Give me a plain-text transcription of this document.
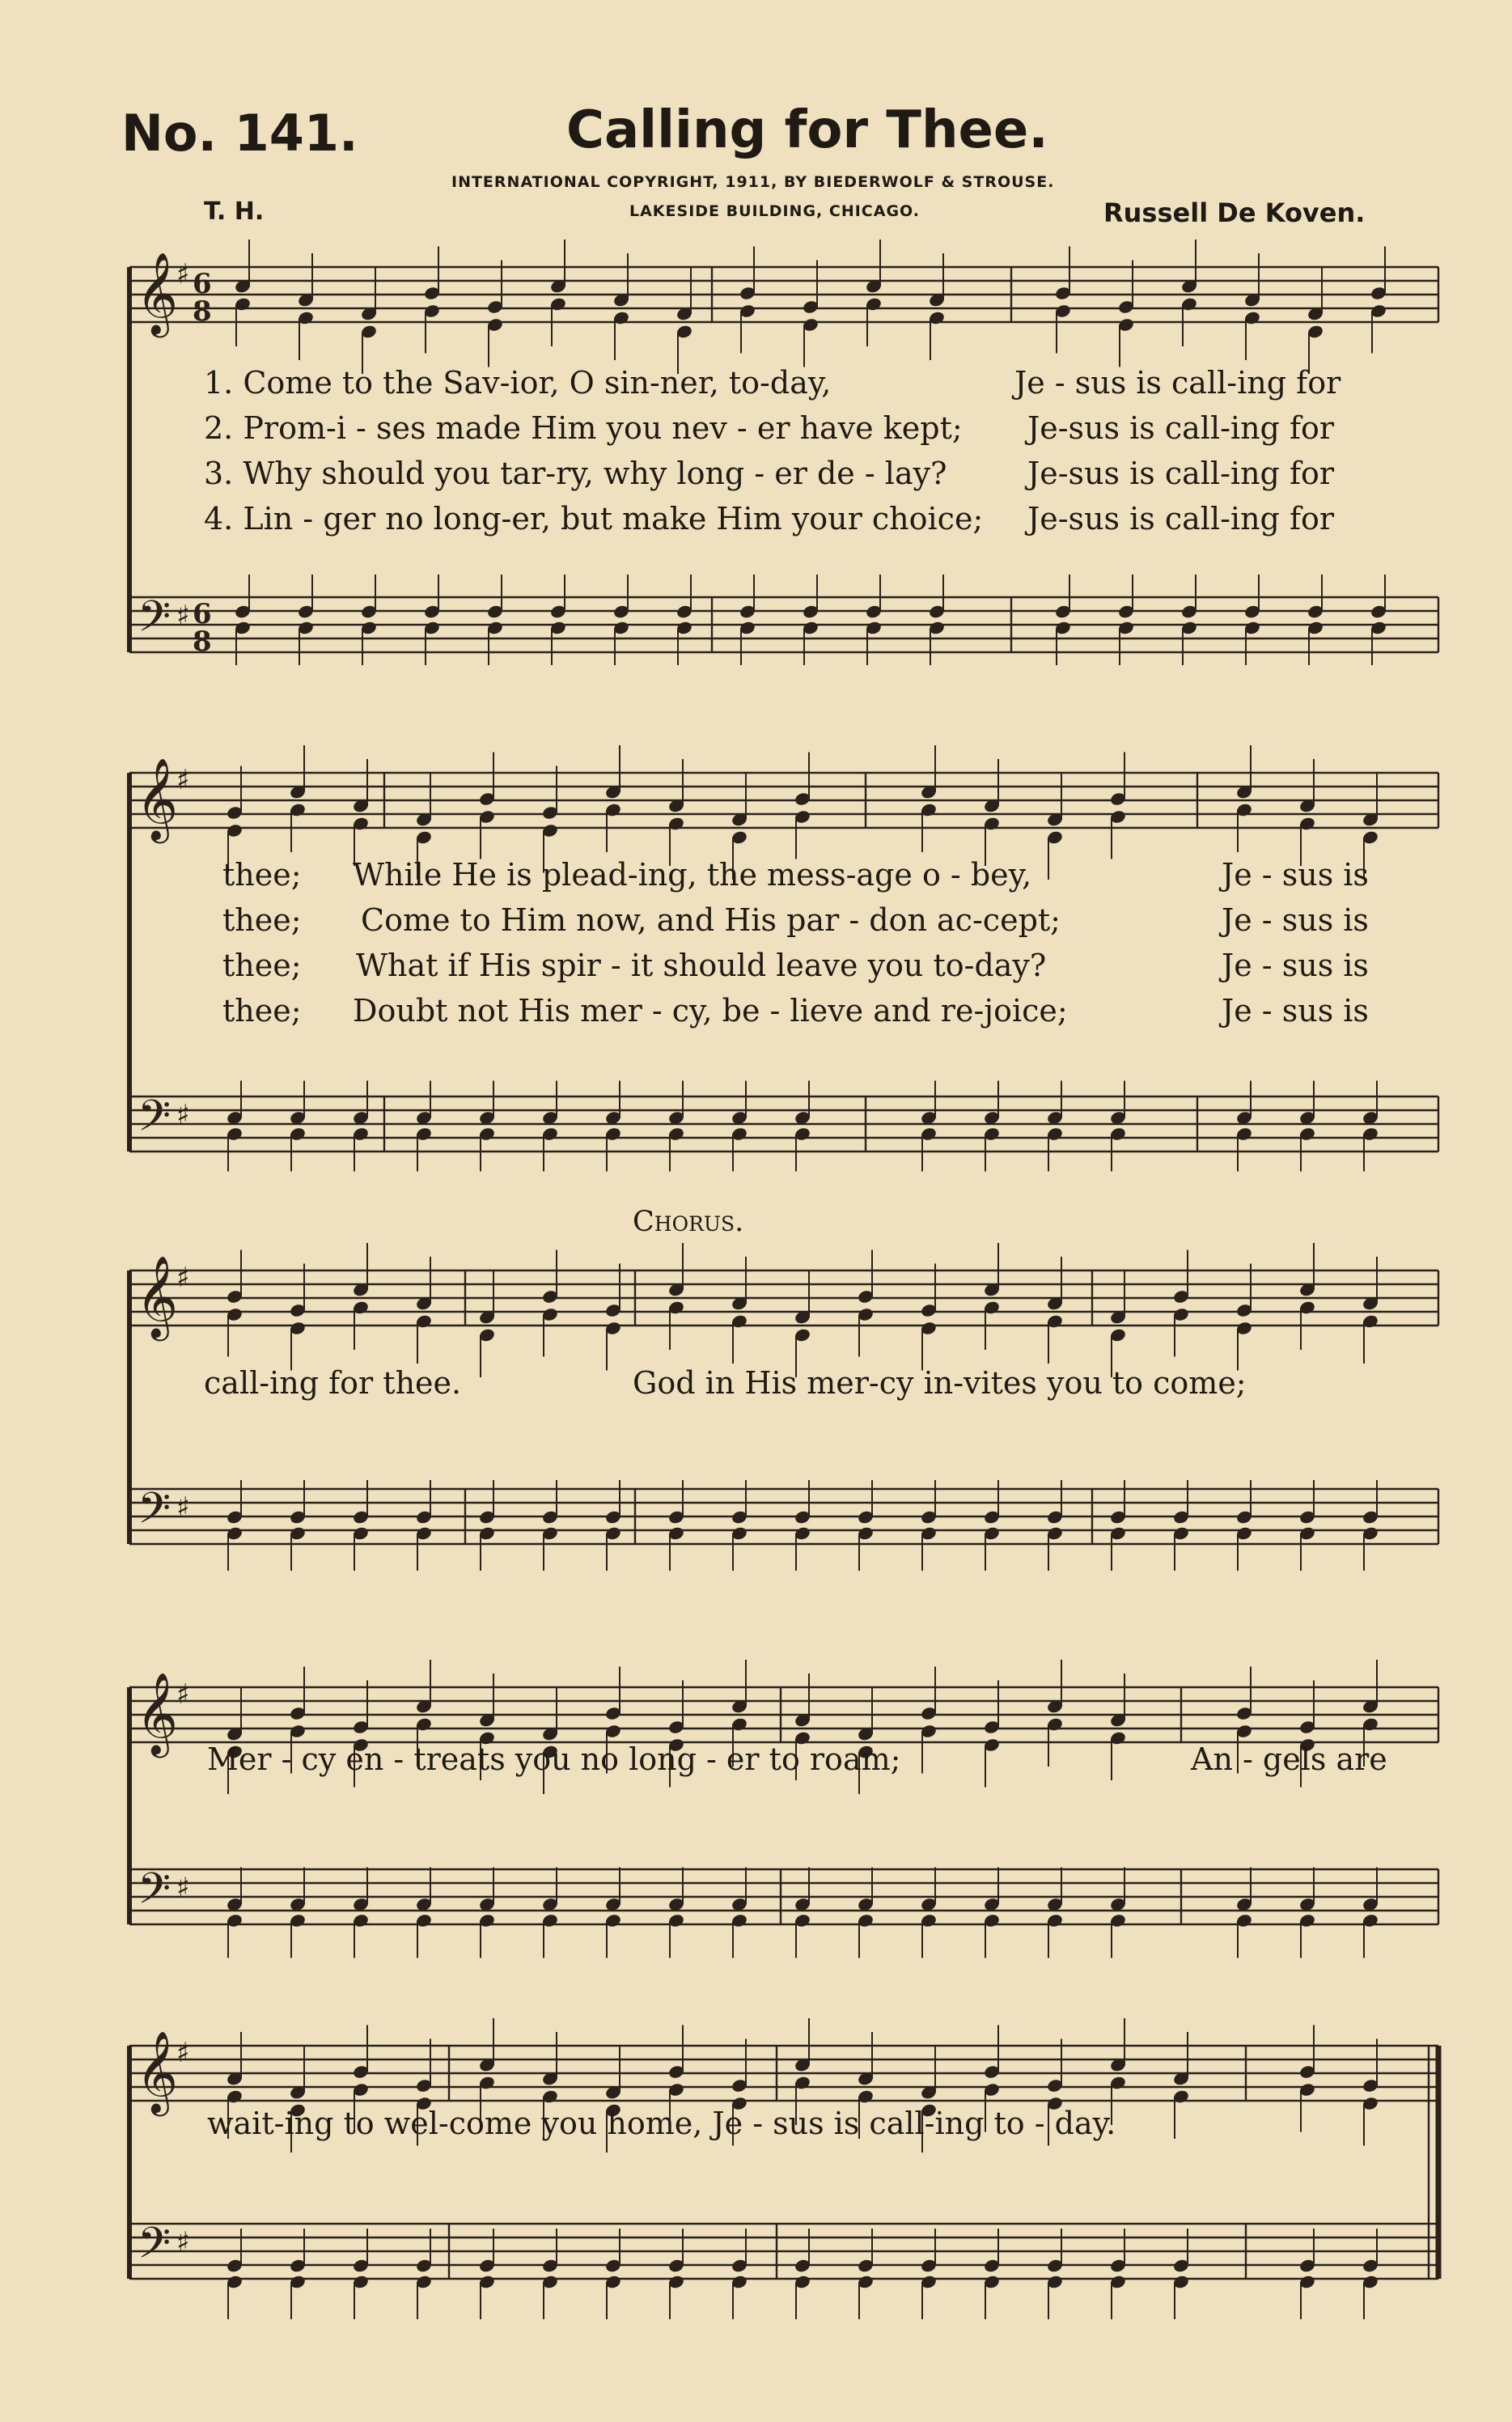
No. 141.	Calling for Thee.
INTERNATIONAL COPYRIGHT, 1911, BY BIEDERWOLF & STROUSE.
LAKESIDE BUILDING, CHICAGO.
T. H.	Russell De Koven.
Chorus.
𝄞
𝄢
♯
♯
6
8
6
8
𝄞
𝄢
♯
♯
𝄞
𝄢
♯
♯
𝄞
𝄢
♯
♯
𝄞
𝄢
♯
♯
1. Come to the Sav-ior, O sin-ner, to-day,	Je - sus is call-ing for
2. Prom-i - ses made Him you nev - er have kept; Je-sus is call-ing for
3. Why should you tar-ry, why long - er de - lay?	Je-sus is call-ing for
4. Lin - ger no long-er, but make Him your choice; Je-sus is call-ing for
thee; While He is plead-ing, the mess-age o - bey,	Je - sus is
thee; Come to Him now, and His par - don ac-cept;	Je - sus is
thee; What if His spir - it should leave you to-day?	Je - sus is
thee; Doubt not His mer - cy, be - lieve and re-joice;	Je - sus is
call-ing for thee.	God in His mer-cy in-vites you to come;
Mer - cy en - treats you no long - er to roam;	An - gels are
wait-ing to wel-come you home, Je - sus is call-ing to - day.
